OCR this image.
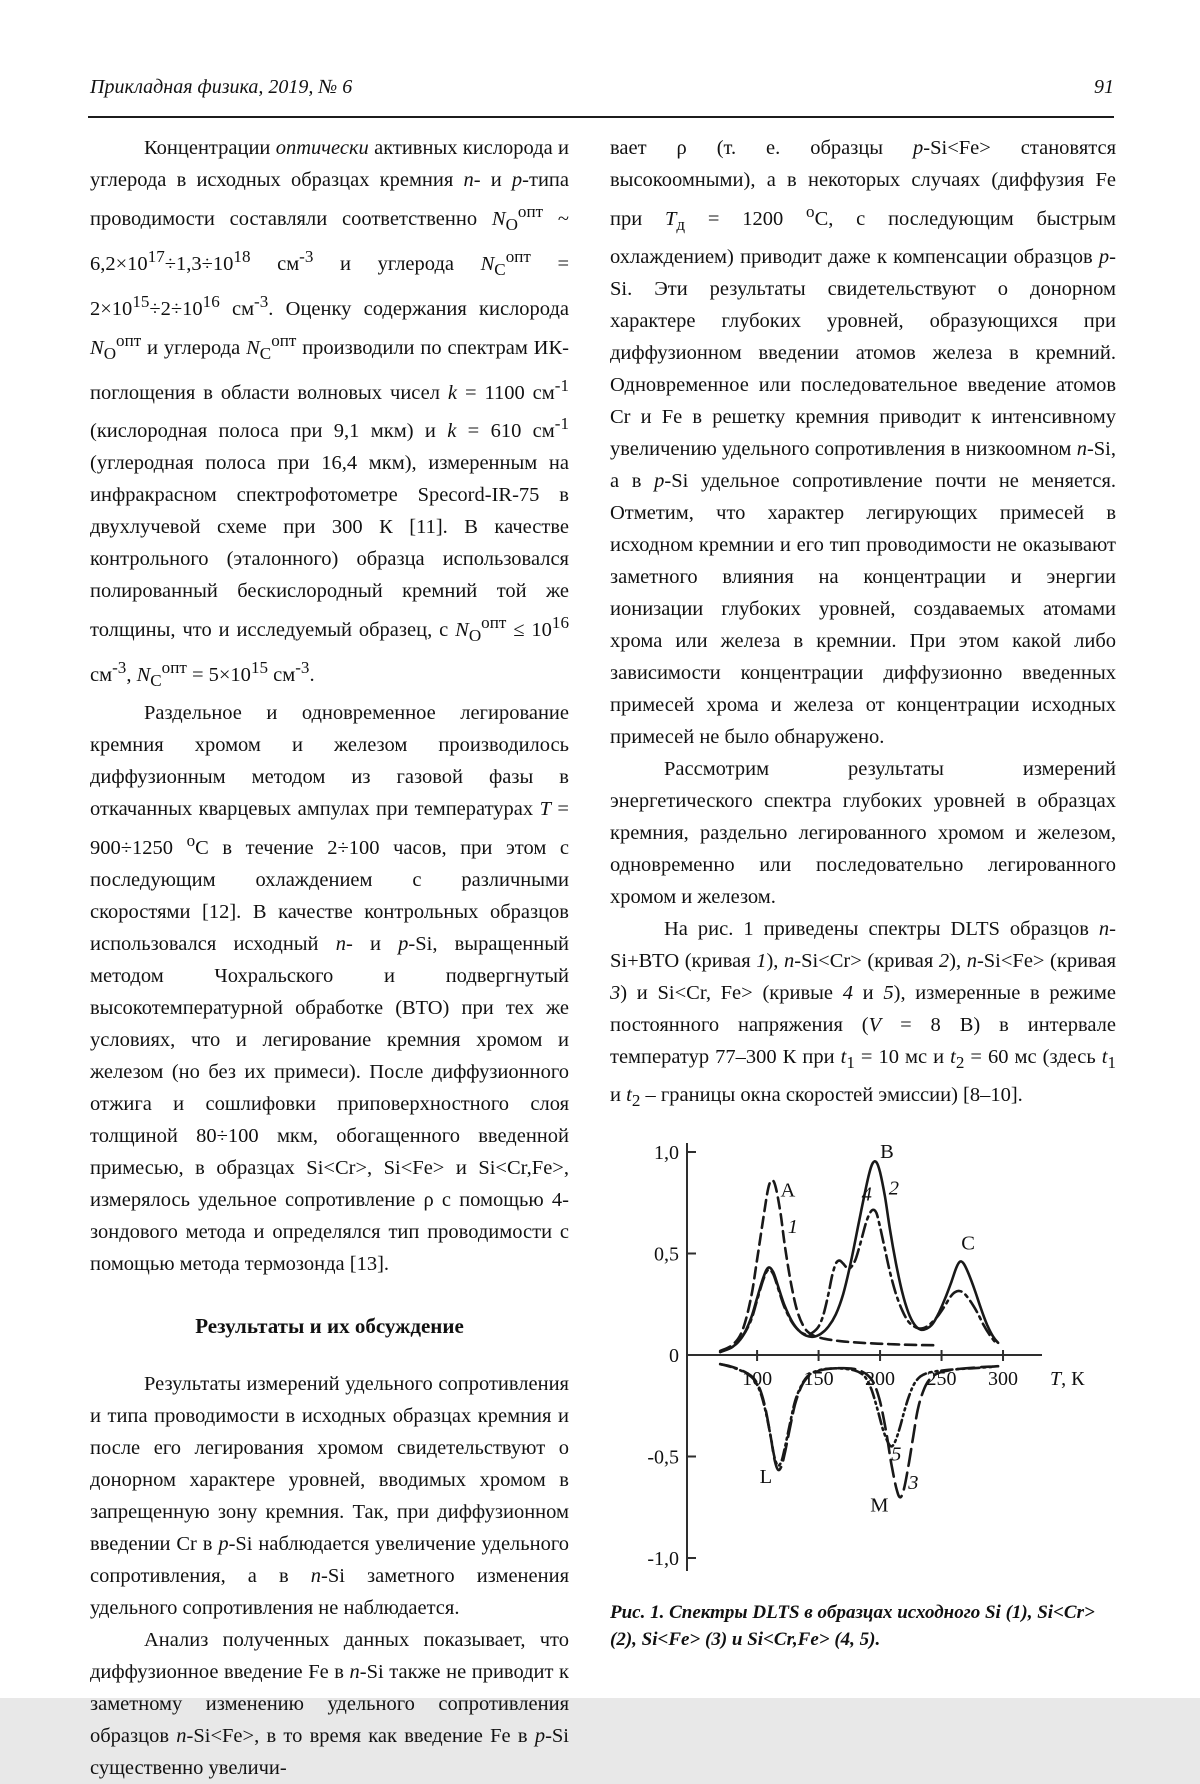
Прикладная физика, 2019, № 6	91

Концентрации оптически активных кислорода и углерода в исходных образцах кремния n- и p-типа проводимости составляли соответственно $N_О^{опт}$ ~ $6,2\times 10^{17}\div 1,3\div 10^{18}$ $см^{-3}$ и углерода $N_С^{опт} = 2\times 10^{15}\div 2\div 10^{16}$ $см^{-3}$. Оценку содержания кислорода $N_О^{опт}$ и углерода $N_С^{опт}$ производили по спектрам ИК-поглощения в области волновых чисел k = 1100 $см^{-1}$ (кислородная полоса при 9,1 мкм) и k = 610 $см^{-1}$ (углеродная полоса при 16,4 мкм), измеренным на инфракрасном спектрофотометре Specord-IR-75 в двухлучевой схеме при 300 К [11]. В качестве контрольного (эталонного) образца использовался полированный бескислородный кремний той же толщины, что и исследуемый образец, с $N_О^{опт} \le 10^{16}$ $см^{-3}$, $N_С^{опт} = 5\times 10^{15}$ $см^{-3}$.

Раздельное и одновременное легирование кремния хромом и железом производилось диффузионным методом из газовой фазы в откачанных кварцевых ампулах при температурах T = 900÷1250 $^о$С в течение 2÷100 часов, при этом с последующим охлаждением с различными скоростями [12]. В качестве контрольных образцов использовался исходный n- и p-Si, выращенный методом Чохральского и подвергнутый высокотемпературной обработке (ВТО) при тех же условиях, что и легирование кремния хромом и железом (но без их примеси). После диффузионного отжига и сошлифовки приповерхностного слоя толщиной 80÷100 мкм, обогащенного введенной примесью, в образцах Si<Cr>, Si<Fe> и Si<Cr,Fe>, измерялось удельное сопротивление ρ с помощью 4-зондового метода и определялся тип проводимости с помощью метода термозонда [13].

Результаты и их обсуждение

Результаты измерений удельного сопротивления и типа проводимости в исходных образцах кремния и после его легирования хромом свидетельствуют о донорном характере уровней, вводимых хромом в запрещенную зону кремния. Так, при диффузионном введении Cr в p-Si наблюдается увеличение удельного сопротивления, а в n-Si заметного изменения удельного сопротивления не наблюдается.

Анализ полученных данных показывает, что диффузионное введение Fe в n-Si также не приводит к заметному изменению удельного сопротивления образцов n-Si<Fe>, в то время как введение Fe в p-Si существенно увеличи-

вает ρ (т. е. образцы p-Si<Fe> становятся высокоомными), а в некоторых случаях (диффузия Fe при $T_д = 1200$ $^о$С, с последующим быстрым охлаждением) приводит даже к компенсации образцов p-Si. Эти результаты свидетельствуют о донорном характере глубоких уровней, образующихся при диффузионном введении атомов железа в кремний. Одновременное или последовательное введение атомов Cr и Fe в решетку кремния приводит к интенсивному увеличению удельного сопротивления в низкоомном n-Si, а в p-Si удельное сопротивление почти не меняется. Отметим, что характер легирующих примесей в исходном кремнии и его тип проводимости не оказывают заметного влияния на концентрации и энергии ионизации глубоких уровней, создаваемых атомами хрома или железа в кремнии. При этом какой либо зависимости концентрации диффузионно введенных примесей хрома и железа от концентрации исходных примесей не было обнаружено.

Рассмотрим результаты измерений энергетического спектра глубоких уровней в образцах кремния, раздельно легированного хромом и железом, одновременно или последовательно легированного хромом и железом.

На рис. 1 приведены спектры DLTS образцов n-Si+ВТО (кривая 1), n-Si<Cr> (кривая 2), n-Si<Fe> (кривая 3) и Si<Cr, Fe> (кривые 4 и 5), измеренные в режиме постоянного напряжения (V = 8 В) в интервале температур 77–300 К при $t_1 = 10$ мс и $t_2 = 60$ мс (здесь $t_1$ и $t_2$ – границы окна скоростей эмиссии) [8–10].

1,0
0,5
0
-0,5
-1,0
100 150 200 250 300 T, К
A
1
B
2
4
C
L
M
5
3

Рис. 1. Спектры DLTS в образцах исходного Si (1), Si<Cr> (2), Si<Fe> (3) и Si<Cr,Fe> (4, 5).
